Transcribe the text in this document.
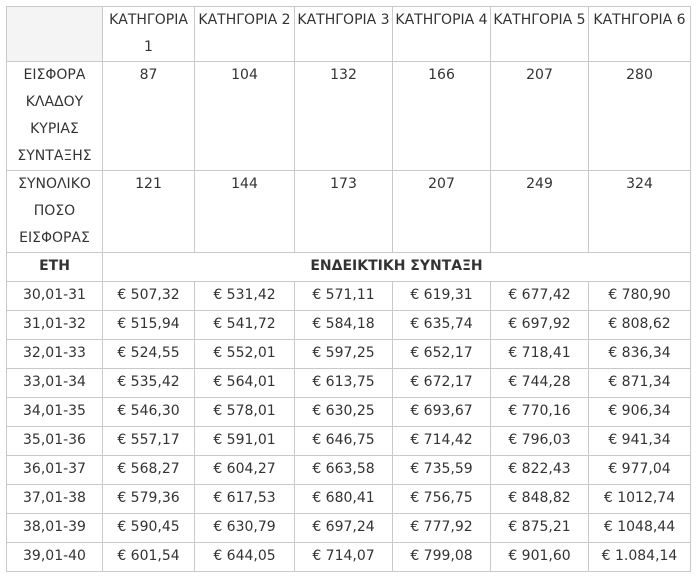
	ΚΑΤΗΓΟΡΙΑ 1	ΚΑΤΗΓΟΡΙΑ 2	ΚΑΤΗΓΟΡΙΑ 3	ΚΑΤΗΓΟΡΙΑ 4	ΚΑΤΗΓΟΡΙΑ 5	ΚΑΤΗΓΟΡΙΑ 6
ΕΙΣΦΟΡΑ ΚΛΑΔΟΥ ΚΥΡΙΑΣ ΣΥΝΤΑΞΗΣ	87	104	132	166	207	280
ΣΥΝΟΛΙΚΟ ΠΟΣΟ ΕΙΣΦΟΡΑΣ	121	144	173	207	249	324
ΕΤΗ	ΕΝΔΕΙΚΤΙΚΗ ΣΥΝΤΑΞΗ					
30,01-31	€ 507,32	€ 531,42	€ 571,11	€ 619,31	€ 677,42	€ 780,90
31,01-32	€ 515,94	€ 541,72	€ 584,18	€ 635,74	€ 697,92	€ 808,62
32,01-33	€ 524,55	€ 552,01	€ 597,25	€ 652,17	€ 718,41	€ 836,34
33,01-34	€ 535,42	€ 564,01	€ 613,75	€ 672,17	€ 744,28	€ 871,34
34,01-35	€ 546,30	€ 578,01	€ 630,25	€ 693,67	€ 770,16	€ 906,34
35,01-36	€ 557,17	€ 591,01	€ 646,75	€ 714,42	€ 796,03	€ 941,34
36,01-37	€ 568,27	€ 604,27	€ 663,58	€ 735,59	€ 822,43	€ 977,04
37,01-38	€ 579,36	€ 617,53	€ 680,41	€ 756,75	€ 848,82	€ 1012,74
38,01-39	€ 590,45	€ 630,79	€ 697,24	€ 777,92	€ 875,21	€ 1048,44
39,01-40	€ 601,54	€ 644,05	€ 714,07	€ 799,08	€ 901,60	€ 1.084,14
